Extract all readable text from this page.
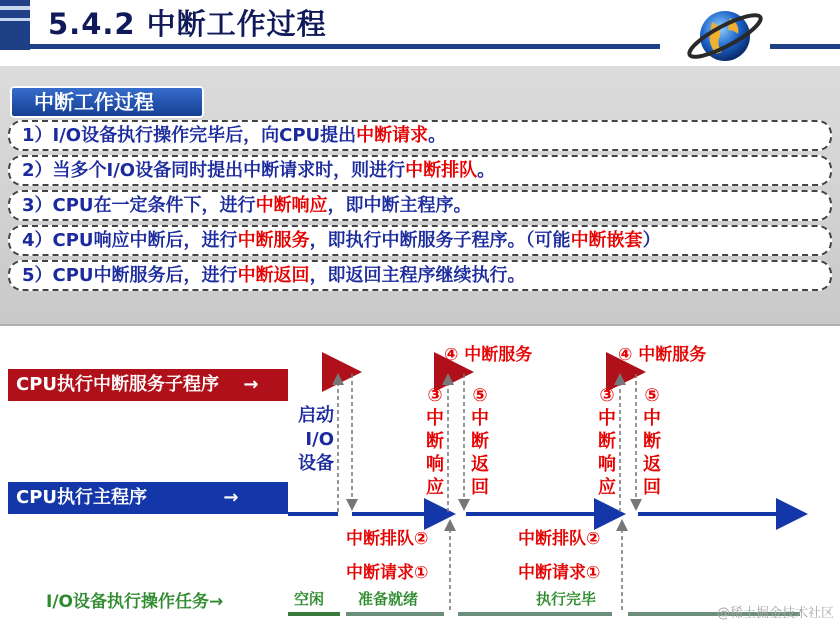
5.4.2 中断工作过程
中断工作过程
1）I/O设备执行操作完毕后，向CPU提出中断请求。
2）当多个I/O设备同时提出中断请求时，则进行中断排队。
3）CPU在一定条件下，进行中断响应，即中断主程序。
4）CPU响应中断后，进行中断服务，即执行中断服务子程序。（可能中断嵌套）
5）CPU中断服务后，进行中断返回，即返回主程序继续执行。
CPU执行中断服务子程序 →
CPU执行主程序	→
I/O设备执行操作任务→
启动
I/O
设备
④ 中断服务	④ 中断服务
③
中
断
响
应
⑤
中
断
返
回
③
中
断
响
应
⑤
中
断
返
回
中断排队②
中断请求①
中断排队②
中断请求①
空闲 准备就绪	执行完毕
@稀土掘金技术社区
